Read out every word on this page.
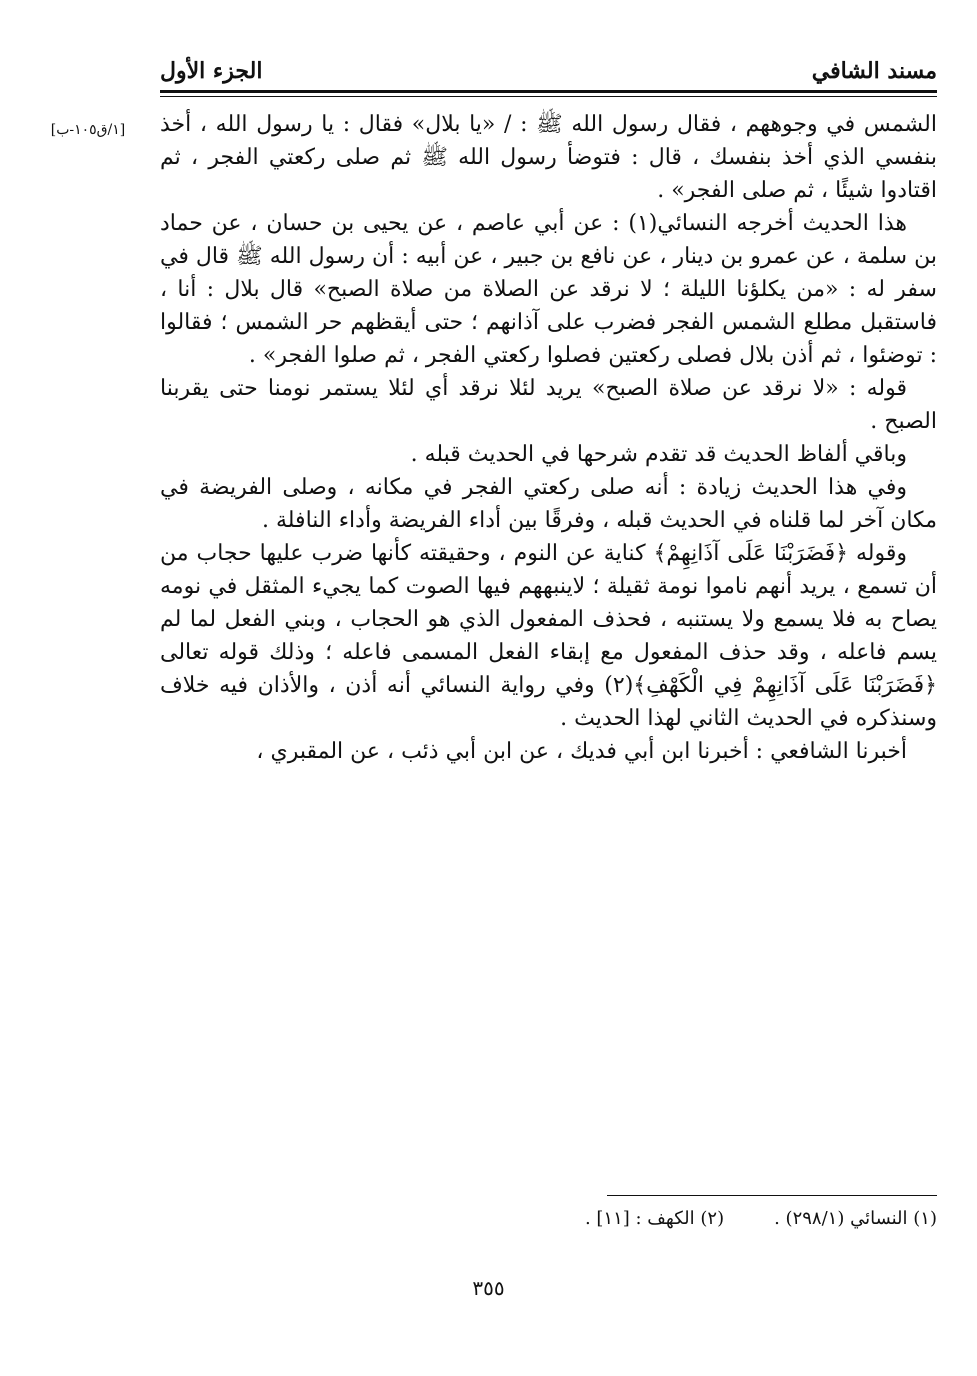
مسند الشافي
الجزء الأول
[١/ق١٠٥-ب]	الشمس في وجوههم ، فقال رسول الله ﷺ : / «يا بلال» فقال : يا رسول الله ، أخذ بنفسي الذي أخذ بنفسك ، قال : فتوضأ رسول الله ﷺ ثم صلى ركعتي الفجر ، ثم اقتادوا شيئًا ، ثم صلى الفجر» .

هذا الحديث أخرجه النسائي(١) : عن أبي عاصم ، عن يحيى بن حسان ، عن حماد بن سلمة ، عن عمرو بن دينار ، عن نافع بن جبير ، عن أبيه : أن رسول الله ﷺ قال في سفر له : «من يكلؤنا الليلة ؛ لا نرقد عن الصلاة من صلاة الصبح» قال بلال : أنا ، فاستقبل مطلع الشمس الفجر فضرب على آذانهم ؛ حتى أيقظهم حر الشمس ؛ فقالوا : توضئوا ، ثم أذن بلال فصلى ركعتين فصلوا ركعتي الفجر ، ثم صلوا الفجر» .

قوله : «لا نرقد عن صلاة الصبح» يريد لئلا نرقد أي لئلا يستمر نومنا حتى يقربنا الصبح .

وباقي ألفاظ الحديث قد تقدم شرحها في الحديث قبله .

وفي هذا الحديث زيادة : أنه صلى ركعتي الفجر في مكانه ، وصلى الفريضة في مكان آخر لما قلناه في الحديث قبله ، وفرقًا بين أداء الفريضة وأداء النافلة .

وقوله ﴿فَضَرَبْنَا عَلَى آذَانِهِمْ﴾ كناية عن النوم ، وحقيقته كأنها ضرب عليها حجاب من أن تسمع ، يريد أنهم ناموا نومة ثقيلة ؛ لاينبههم فيها الصوت كما يجيء المثقل في نومه يصاح به فلا يسمع ولا يستنبه ، فحذف المفعول الذي هو الحجاب ، وبني الفعل لما لم يسم فاعله ، وقد حذف المفعول مع إبقاء الفعل المسمى فاعله ؛ وذلك قوله تعالى ﴿فَضَرَبْنَا عَلَى آذَانِهِمْ فِي الْكَهْفِ﴾(٢) وفي رواية النسائي أنه أذن ، والأذان فيه خلاف وسنذكره في الحديث الثاني لهذا الحديث .

أخبرنا الشافعي : أخبرنا ابن أبي فديك ، عن ابن أبي ذئب ، عن المقبري ،

(١) النسائي (٢٩٨/١) .
(٢) الكهف : [١١] .
٣٥٥
